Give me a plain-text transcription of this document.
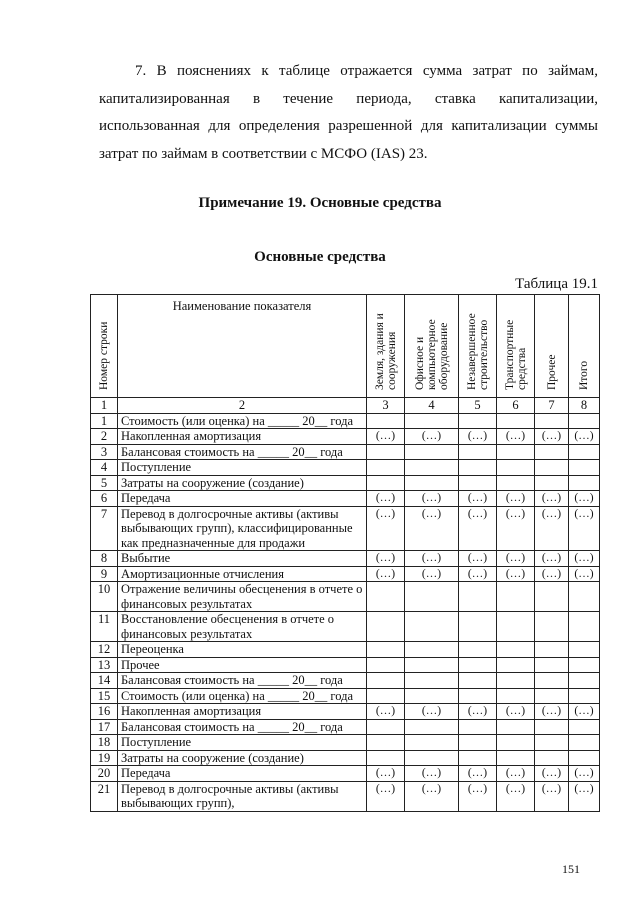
7. В пояснениях к таблице отражается сумма затрат по займам,

капитализированная в течение периода, ставка капитализации,

использованная для определения разрешенной для капитализации суммы

затрат по займам в соответствии с МСФО (IAS) 23.

Примечание 19. Основные средства
Основные средства
Таблица 19.1
Номер строки	Наименование показателя	Земля, здания и сооружения	Офисное и компьютерное оборудование	Незавершенное строительство	Транспортные средства	Прочее	Итого

1	2	3	4	5	6	7	8
1	Стоимость (или оценка) на _____ 20__ года						
2	Накопленная амортизация	(…)	(…)	(…)	(…)	(…)	(…)
3	Балансовая стоимость на _____ 20__ года						
4	Поступление						
5	Затраты на сооружение (создание)						
6	Передача	(…)	(…)	(…)	(…)	(…)	(…)
7	Перевод в долгосрочные активы (активы выбывающих групп), классифицированные как предназначенные для продажи	(…)	(…)	(…)	(…)	(…)	(…)
8	Выбытие	(…)	(…)	(…)	(…)	(…)	(…)
9	Амортизационные отчисления	(…)	(…)	(…)	(…)	(…)	(…)
10	Отражение величины обесценения в отчете о финансовых результатах						
11	Восстановление обесценения в отчете о финансовых результатах						
12	Переоценка						
13	Прочее						
14	Балансовая стоимость на _____ 20__ года						
15	Стоимость (или оценка) на _____ 20__ года						
16	Накопленная амортизация	(…)	(…)	(…)	(…)	(…)	(…)
17	Балансовая стоимость на _____ 20__ года						
18	Поступление						
19	Затраты на сооружение (создание)						
20	Передача	(…)	(…)	(…)	(…)	(…)	(…)
21	Перевод в долгосрочные активы (активы выбывающих групп),	(…)	(…)	(…)	(…)	(…)	(…)
151
